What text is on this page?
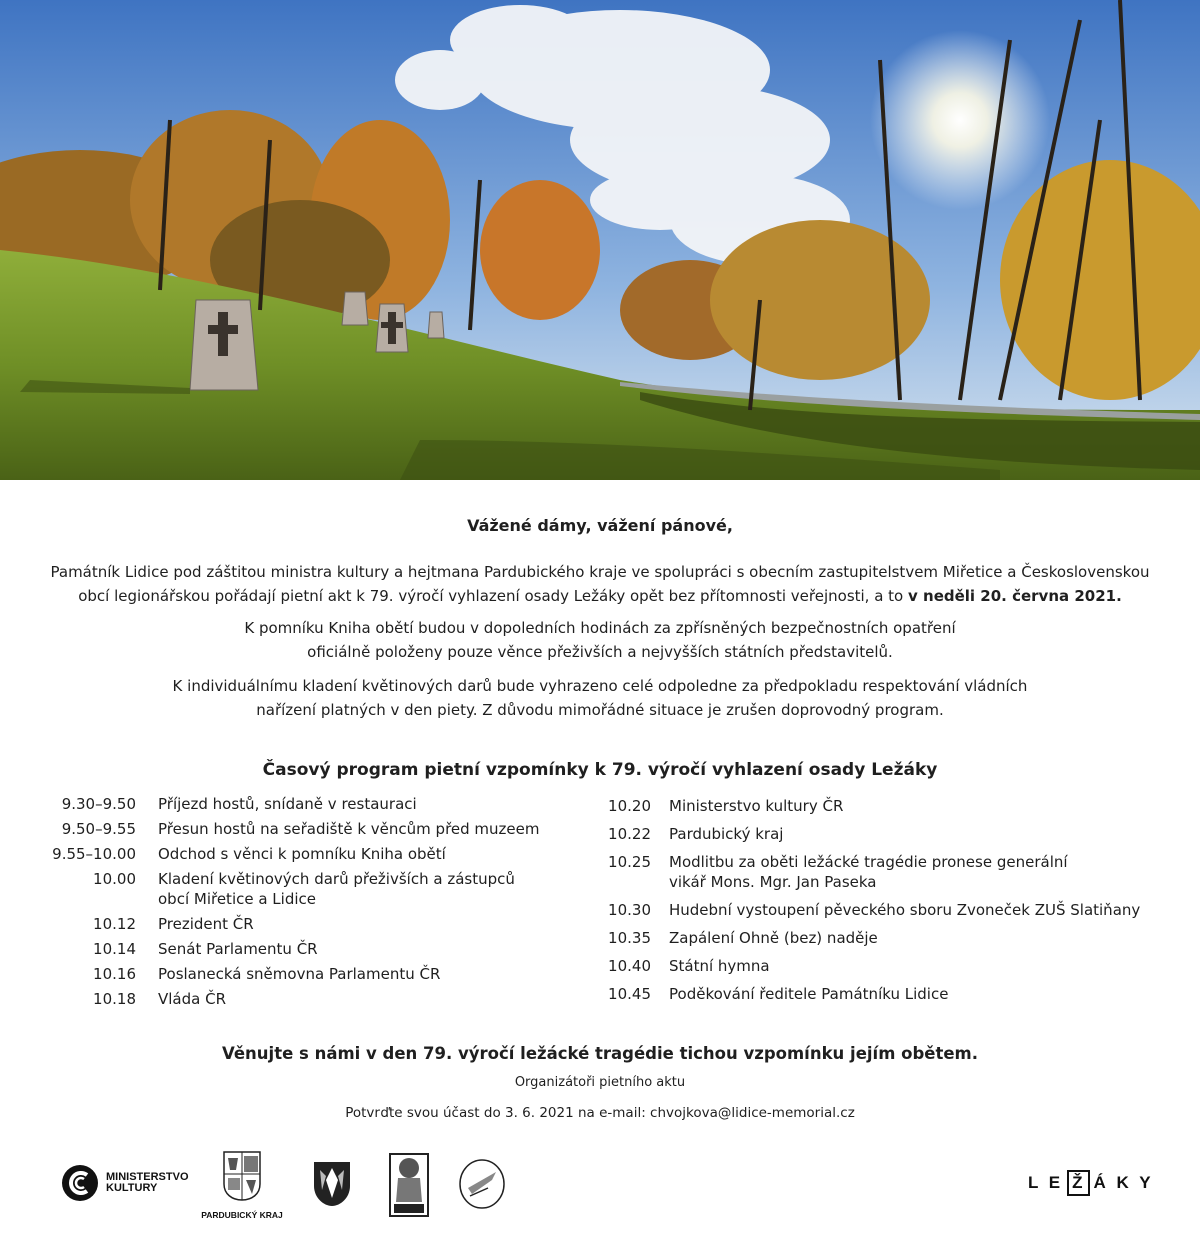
Vážené dámy, vážení pánové,
Památník Lidice pod záštitou ministra kultury a hejtmana Pardubického kraje ve spolupráci s obecním zastupitelstvem Miřetice a Československou
obcí legionářskou pořádají pietní akt k 79. výročí vyhlazení osady Ležáky opět bez přítomnosti veřejnosti, a to v neděli 20. června 2021.
K pomníku Kniha obětí budou v dopoledních hodinách za zpřísněných bezpečnostních opatření
oficiálně položeny pouze věnce přeživších a nejvyšších státních představitelů.
K individuálnímu kladení květinových darů bude vyhrazeno celé odpoledne za předpokladu respektování vládních
nařízení platných v den piety. Z důvodu mimořádné situace je zrušen doprovodný program.
Časový program pietní vzpomínky k 79. výročí vyhlazení osady Ležáky
9.30–9.50	Příjezd hostů, snídaně v restauraci
9.50–9.55	Přesun hostů na seřadiště k věncům před muzeem
9.55–10.00	Odchod s věnci k pomníku Kniha obětí
10.00	Kladení květinových darů přeživších a zástupců
obcí Miřetice a Lidice
10.12	Prezident ČR
10.14	Senát Parlamentu ČR
10.16	Poslanecká sněmovna Parlamentu ČR
10.18	Vláda ČR
10.20	Ministerstvo kultury ČR
10.22	Pardubický kraj
10.25	Modlitbu za oběti ležácké tragédie pronese generální
vikář Mons. Mgr. Jan Paseka
10.30	Hudební vystoupení pěveckého sboru Zvoneček ZUŠ Slatiňany
10.35	Zapálení Ohně (bez) naděje
10.40	Státní hymna
10.45	Poděkování ředitele Památníku Lidice
Věnujte s námi v den 79. výročí ležácké tragédie tichou vzpomínku jejím obětem.
Organizátoři pietního aktu
Potvrďte svou účast do 3. 6. 2021 na e-mail: chvojkova@lidice-memorial.cz
MINISTERSTVO
KULTURY
PARDUBICKÝ KRAJ
L E Ž Á K Y
